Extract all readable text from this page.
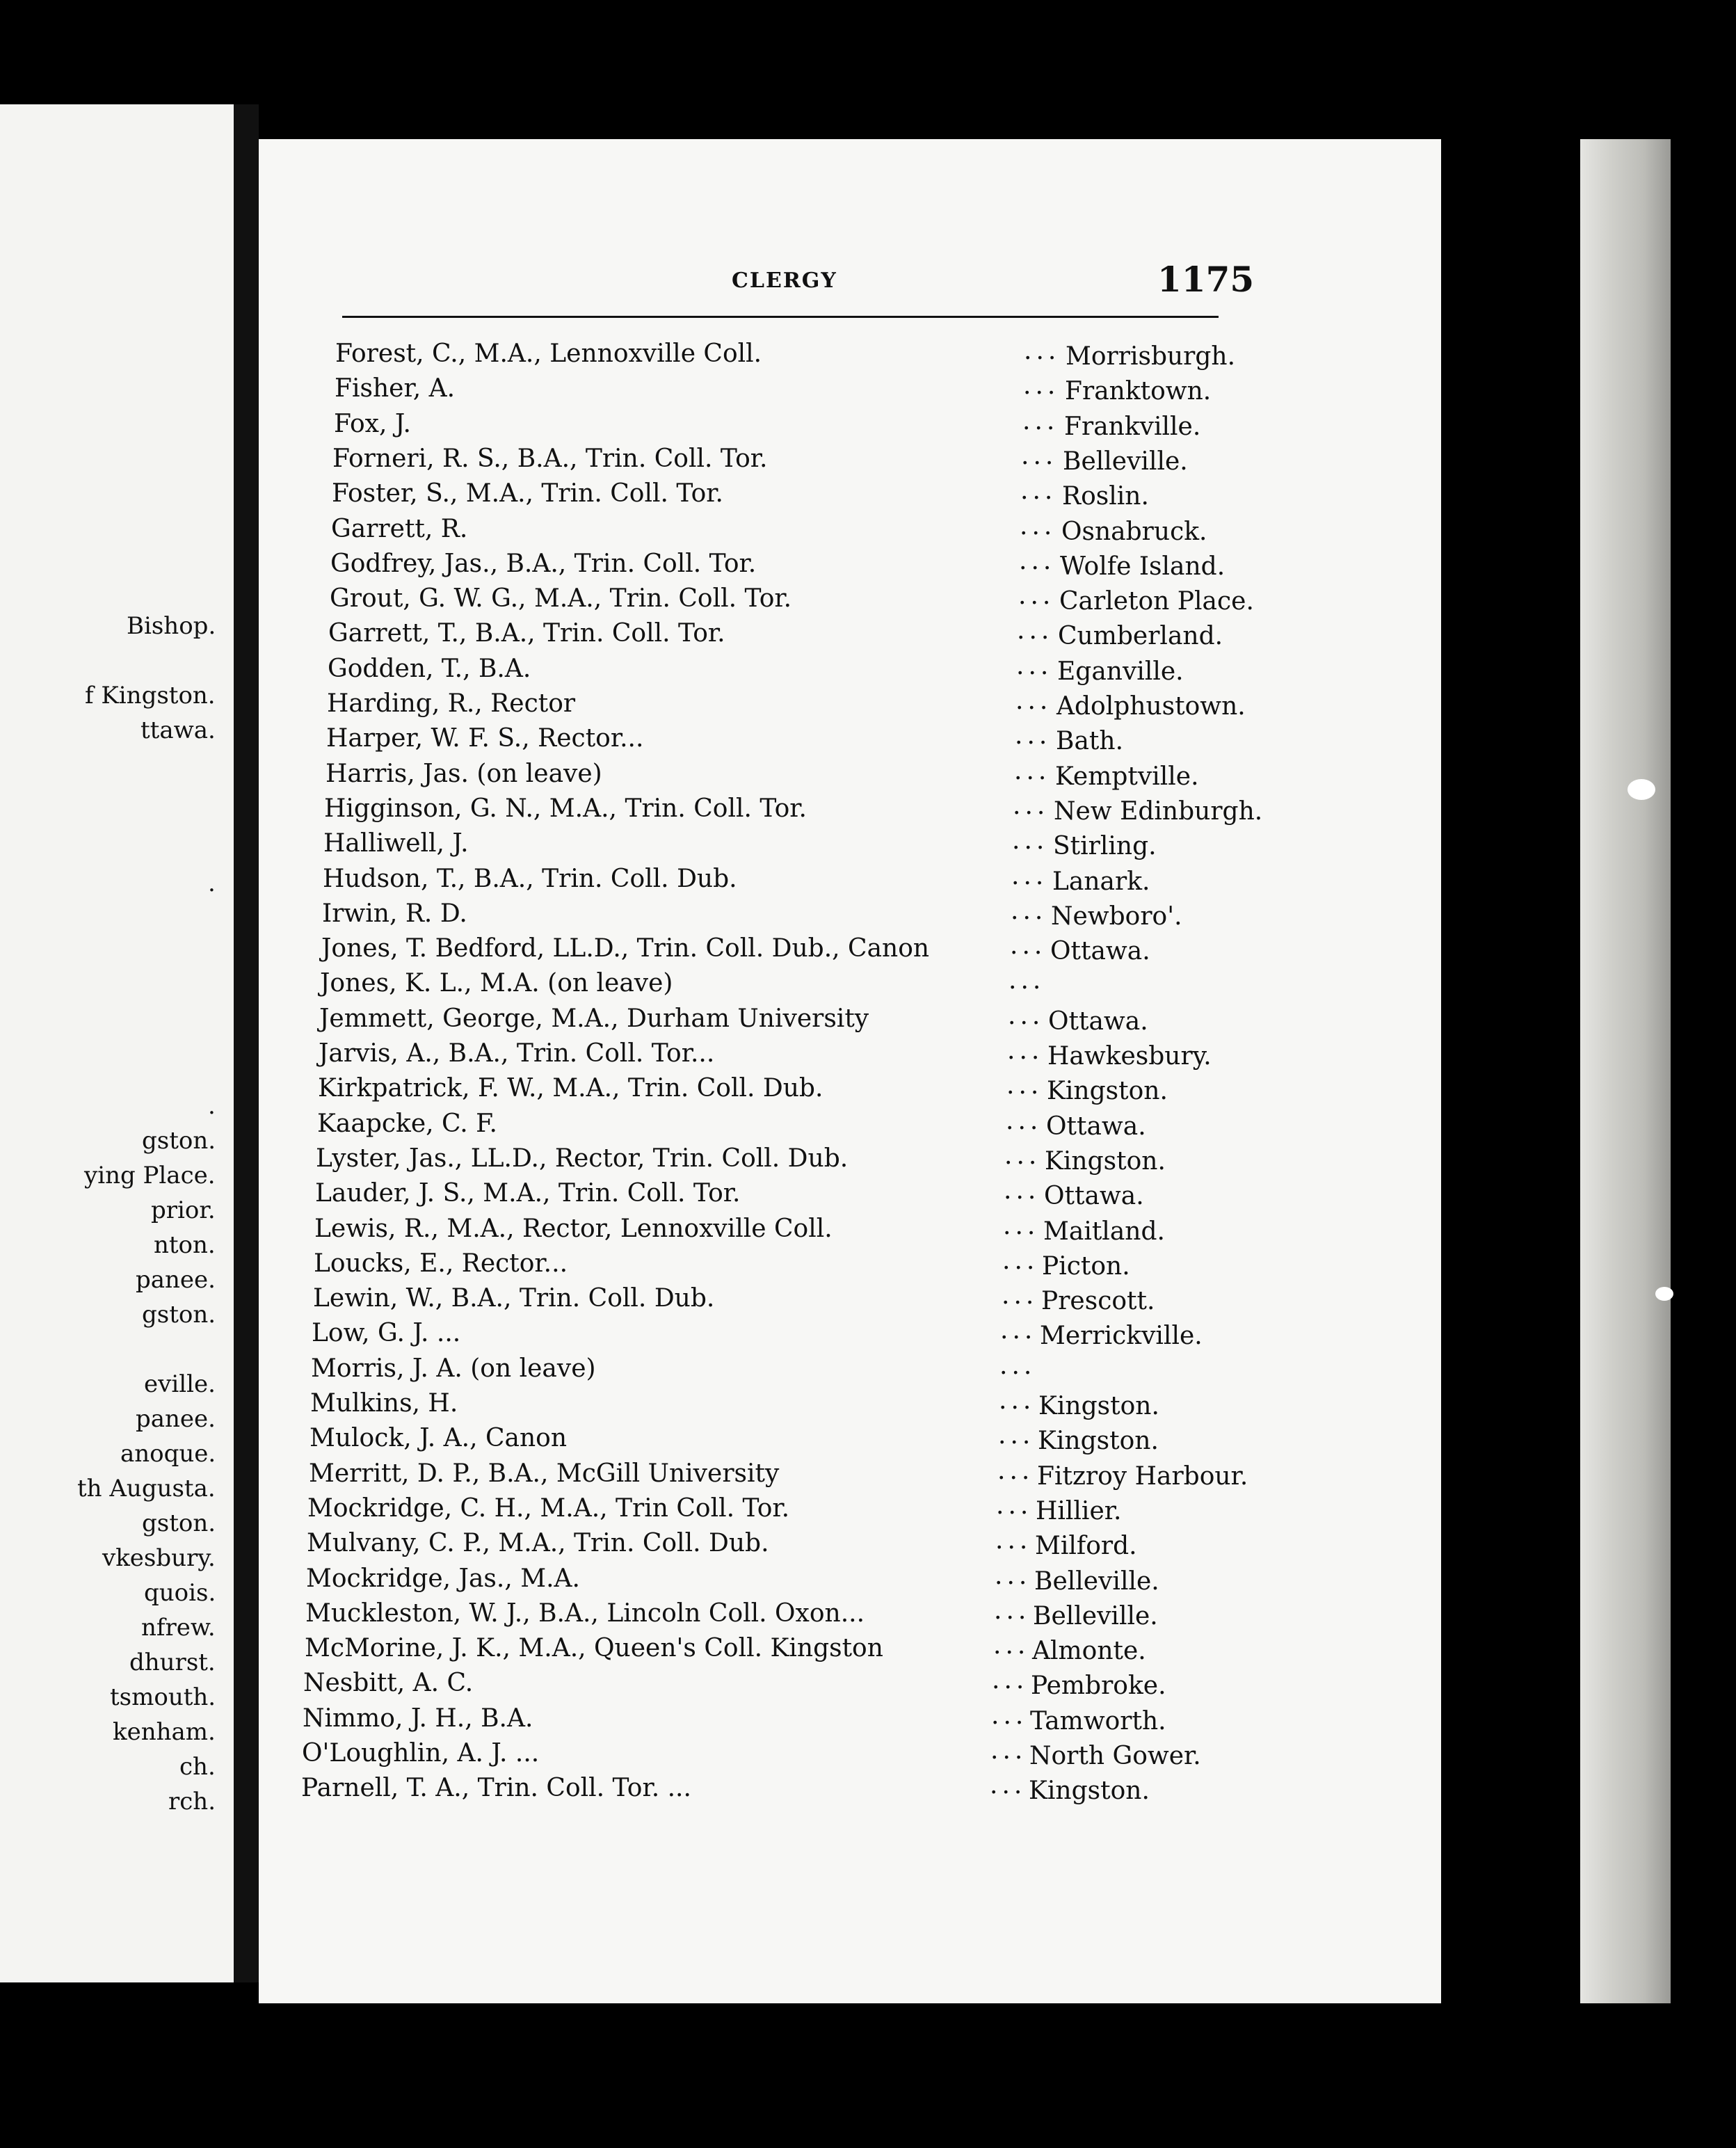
Bishop.
f Kingston.
ttawa.
.
.
gston.
ying Place.
prior.
nton.
panee.
gston.
eville.
panee.
anoque.
th Augusta.
gston.
vkesbury.
quois.
nfrew.
dhurst.
tsmouth.
kenham.
ch.
rch.
CLERGY	1175
Forest, C., M.A., Lennoxville Coll.	... Morrisburgh.
Fisher, A.	... Franktown.
Fox, J.	... Frankville.
Forneri, R. S., B.A., Trin. Coll. Tor.	... Belleville.
Foster, S., M.A., Trin. Coll. Tor.	... Roslin.
Garrett, R.	... Osnabruck.
Godfrey, Jas., B.A., Trin. Coll. Tor.	... Wolfe Island.
Grout, G. W. G., M.A., Trin. Coll. Tor.	... Carleton Place.
Garrett, T., B.A., Trin. Coll. Tor.	... Cumberland.
Godden, T., B.A.	... Eganville.
Harding, R., Rector	... Adolphustown.
Harper, W. F. S., Rector...	... Bath.
Harris, Jas. (on leave)	... Kemptville.
Higginson, G. N., M.A., Trin. Coll. Tor.	... New Edinburgh.
Halliwell, J.	... Stirling.
Hudson, T., B.A., Trin. Coll. Dub.	... Lanark.
Irwin, R. D.	... Newboro'.
Jones, T. Bedford, LL.D., Trin. Coll. Dub., Canon	... Ottawa.
Jones, K. L., M.A. (on leave)	...
Jemmett, George, M.A., Durham University	... Ottawa.
Jarvis, A., B.A., Trin. Coll. Tor...	... Hawkesbury.
Kirkpatrick, F. W., M.A., Trin. Coll. Dub.	... Kingston.
Kaapcke, C. F.	... Ottawa.
Lyster, Jas., LL.D., Rector, Trin. Coll. Dub.	... Kingston.
Lauder, J. S., M.A., Trin. Coll. Tor.	... Ottawa.
Lewis, R., M.A., Rector, Lennoxville Coll.	... Maitland.
Loucks, E., Rector...	... Picton.
Lewin, W., B.A., Trin. Coll. Dub.	... Prescott.
Low, G. J. ...	... Merrickville.
Morris, J. A. (on leave)	...
Mulkins, H.	... Kingston.
Mulock, J. A., Canon	... Kingston.
Merritt, D. P., B.A., McGill University	... Fitzroy Harbour.
Mockridge, C. H., M.A., Trin Coll. Tor.	... Hillier.
Mulvany, C. P., M.A., Trin. Coll. Dub.	... Milford.
Mockridge, Jas., M.A.	... Belleville.
Muckleston, W. J., B.A., Lincoln Coll. Oxon...	... Belleville.
McMorine, J. K., M.A., Queen's Coll. Kingston	... Almonte.
Nesbitt, A. C.	... Pembroke.
Nimmo, J. H., B.A.	... Tamworth.
O'Loughlin, A. J. ...	... North Gower.
Parnell, T. A., Trin. Coll. Tor. ...	... Kingston.
